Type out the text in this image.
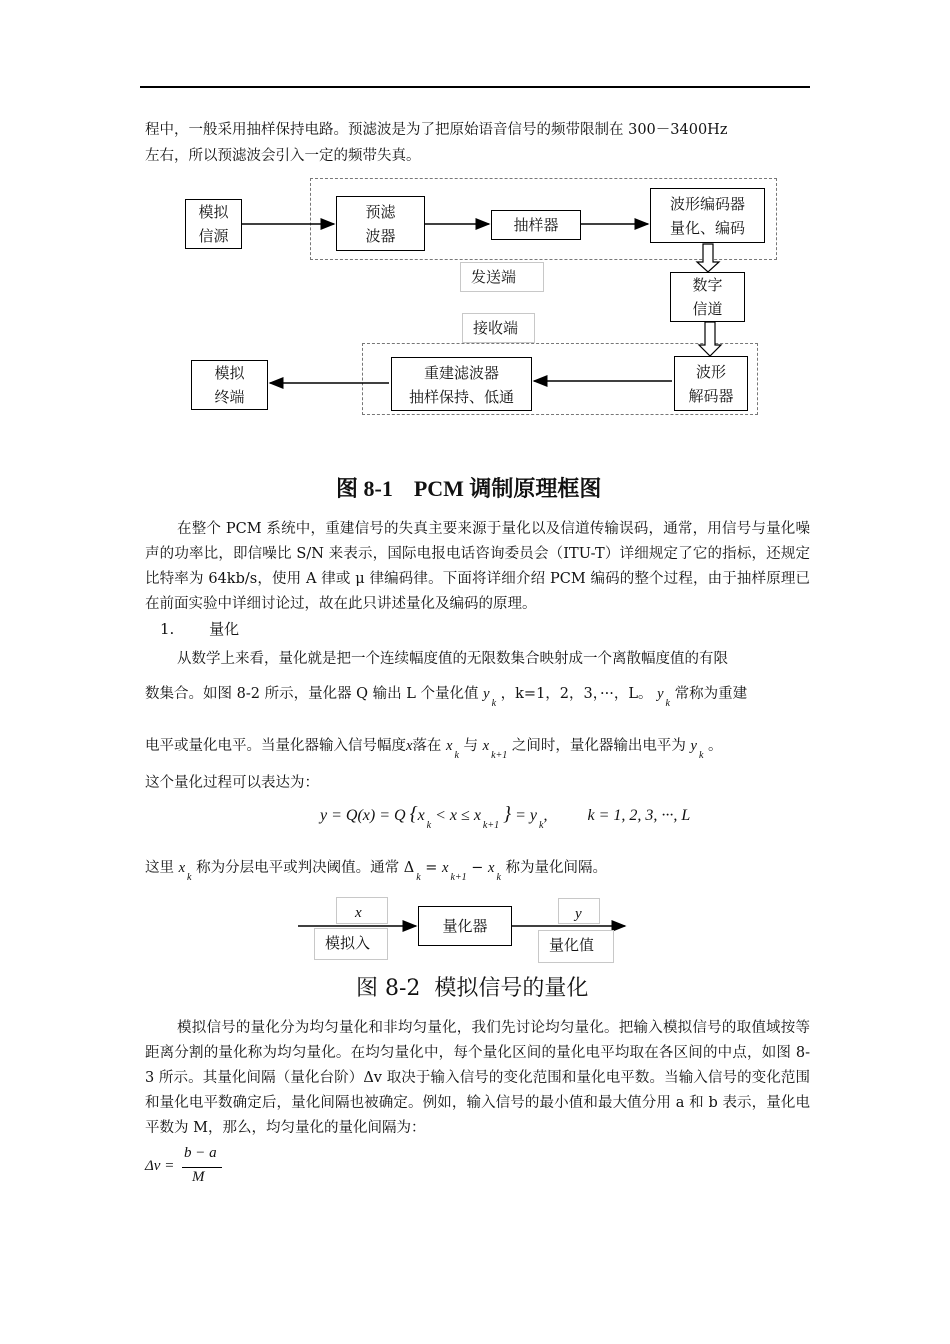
程中，一般采用抽样保持电路。预滤波是为了把原始语音信号的频带限制在 300－3400Hz
左右，所以预滤波会引入一定的频带失真。
模拟
信源
预滤
波器
抽样器
波形编码器
量化、编码
发送端	数字
信道
接收端
模拟
终端
重建滤波器
抽样保持、低通
波形
解码器
图 8-1 PCM 调制原理框图
在整个 PCM 系统中，重建信号的失真主要来源于量化以及信道传输误码，通常，用信号与量化噪声的功率比，即信噪比 S/N 来表示，国际电报电话咨询委员会（ITU-T）详细规定了它的指标，还规定比特率为 64kb/s，使用 A 律或 μ 律编码律。下面将详细介绍 PCM 编码的整个过程，由于抽样原理已在前面实验中详细讨论过，故在此只讲述量化及编码的原理。
1. 量化
从数学上来看，量化就是把一个连续幅度值的无限数集合映射成一个离散幅度值的有限
数集合。如图 8-2 所示，量化器 Q 输出 L 个量化值 $y_k$ ，k=1，2，3，···，L。 $y_k$ 常称为重建
电平或量化电平。当量化器输入信号幅度x落在 $x_k$ 与 $x_{k+1}$ 之间时，量化器输出电平为 $y_k$ 。
这个量化过程可以表达为：
y = Q(x) = Q {$x_k < x \le x_{k+1}$ } = $y_k$,	k = 1, 2, 3, ···, L
这里 $x_k$ 称为分层电平或判决阈值。通常 $\Delta_k = x_{k+1} - x_k$ 称为量化间隔。
x
模拟入
量化器
y
量化值
图 8-2 模拟信号的量化
模拟信号的量化分为均匀量化和非均匀量化，我们先讨论均匀量化。把输入模拟信号的取值域按等距离分割的量化称为均匀量化。在均匀量化中，每个量化区间的量化电平均取在各区间的中点，如图 8-3 所示。其量化间隔（量化台阶）Δv 取决于输入信号的变化范围和量化电平数。当输入信号的变化范围和量化电平数确定后，量化间隔也被确定。例如，输入信号的最小值和最大值分用 a 和 b 表示，量化电平数为 M，那么，均匀量化的量化间隔为：
Δv =
b − a
M
